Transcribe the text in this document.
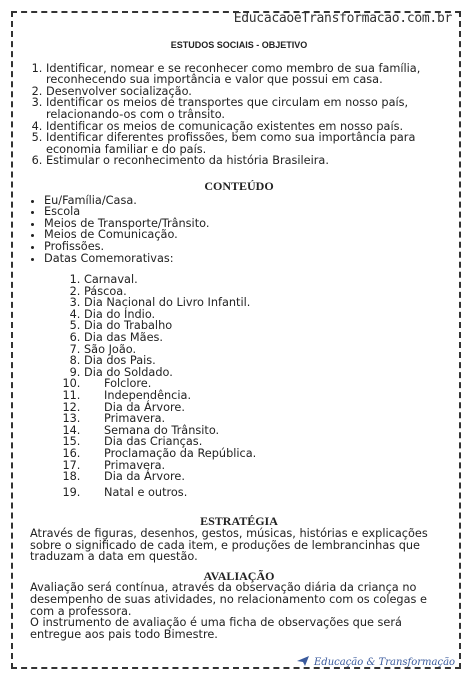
EducacaoeTransformacao.com.br
ESTUDOS SOCIAIS - OBJETIVO
1. Identificar, nomear e se reconhecer como membro de sua família, reconhecendo sua importância e valor que possui em casa.
2. Desenvolver socialização.
3. Identificar os meios de transportes que circulam em nosso país, relacionando-os com o trânsito.
4. Identificar os meios de comunicação existentes em nosso país.
5. Identificar diferentes profissões, bem como sua importância para economia familiar e do país.
6. Estimular o reconhecimento da história Brasileira.
CONTEÚDO
• Eu/Família/Casa.
• Escola
• Meios de Transporte/Trânsito.
• Meios de Comunicação.
• Profissões.
• Datas Comemorativas:
1. Carnaval.
2. Páscoa.
3. Dia Nacional do Livro Infantil.
4. Dia do Índio.
5. Dia do Trabalho
6. Dia das Mães.
7. São João.
8. Dia dos Pais.
9. Dia do Soldado.
10. Folclore.
11. Independência.
12. Dia da Árvore.
13. Primavera.
14. Semana do Trânsito.
15. Dia das Crianças.
16. Proclamação da República.
17. Primavera.
18. Dia da Árvore.
19. Natal e outros.
ESTRATÉGIA

Através de figuras, desenhos, gestos, músicas, histórias e explicações sobre o significado de cada item, e produções de lembrancinhas que traduzam a data em questão.

AVALIAÇÃO

Avaliação será contínua, através da observação diária da criança no desempenho de suas atividades, no relacionamento com os colegas e com a professora.

O instrumento de avaliação é uma ficha de observações que será entregue aos pais todo Bimestre.

Educação & Transformação
